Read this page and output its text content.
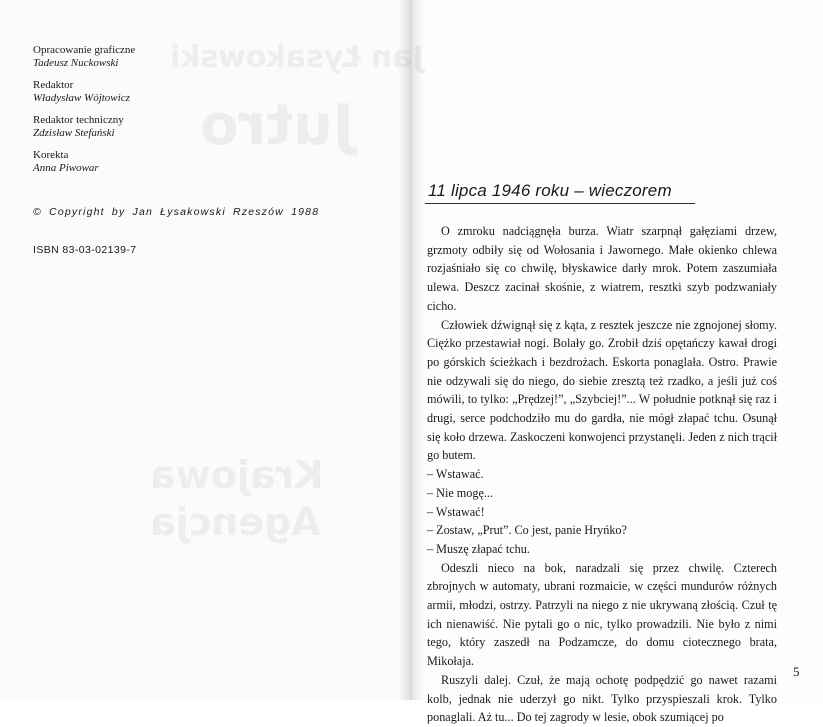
Opracowanie graficzne
Tadeusz Nuckowski
Redaktor
Władysław Wójtowicz
Redaktor techniczny
Zdzisław Stefański
Korekta
Anna Piwowar
© Copyright by Jan Łysakowski Rzeszów 1988
ISBN 83-03-02139-7
11 lipca 1946 roku – wieczorem

O zmroku nadciągnęła burza. Wiatr szarpnął gałęziami drzew, grzmoty odbiły się od Wołosania i Jawornego. Małe okienko chlewa rozjaśniało się co chwilę, błyskawice darły mrok. Potem zaszumiała ulewa. Deszcz zacinał skośnie, z wiatrem, resztki szyb podzwaniały cicho.

Człowiek dźwignął się z kąta, z resztek jeszcze nie zgnojonej słomy. Ciężko przestawiał nogi. Bolały go. Zrobił dziś opętańczy kawał drogi po górskich ścieżkach i bezdrożach. Eskorta ponaglała. Ostro. Prawie nie odzywali się do niego, do siebie zresztą też rzadko, a jeśli już coś mówili, to tylko: „Prędzej!”, „Szybciej!”... W południe potknął się raz i drugi, serce podchodziło mu do gardła, nie mógł złapać tchu. Osunął się koło drzewa. Zaskoczeni konwojenci przystanęli. Jeden z nich trącił go butem.

– Wstawać.

– Nie mogę...

– Wstawać!

– Zostaw, „Prut”. Co jest, panie Hryńko?

– Muszę złapać tchu.

Odeszli nieco na bok, naradzali się przez chwilę. Czterech zbrojnych w automaty, ubrani rozmaicie, w części mundurów różnych armii, młodzi, ostrzy. Patrzyli na niego z nie ukrywaną złością. Czuł tę ich nienawiść. Nie pytali go o nic, tylko prowadzili. Nie było z nimi tego, który zaszedł na Podzamcze, do domu ciotecznego brata, Mikołaja.

Ruszyli dalej. Czuł, że mają ochotę podpędzić go nawet razami kolb, jednak nie uderzył go nikt. Tylko przyspieszali krok. Tylko ponaglali. Aż tu... Do tej zagrody w lesie, obok szumiącej po

5
